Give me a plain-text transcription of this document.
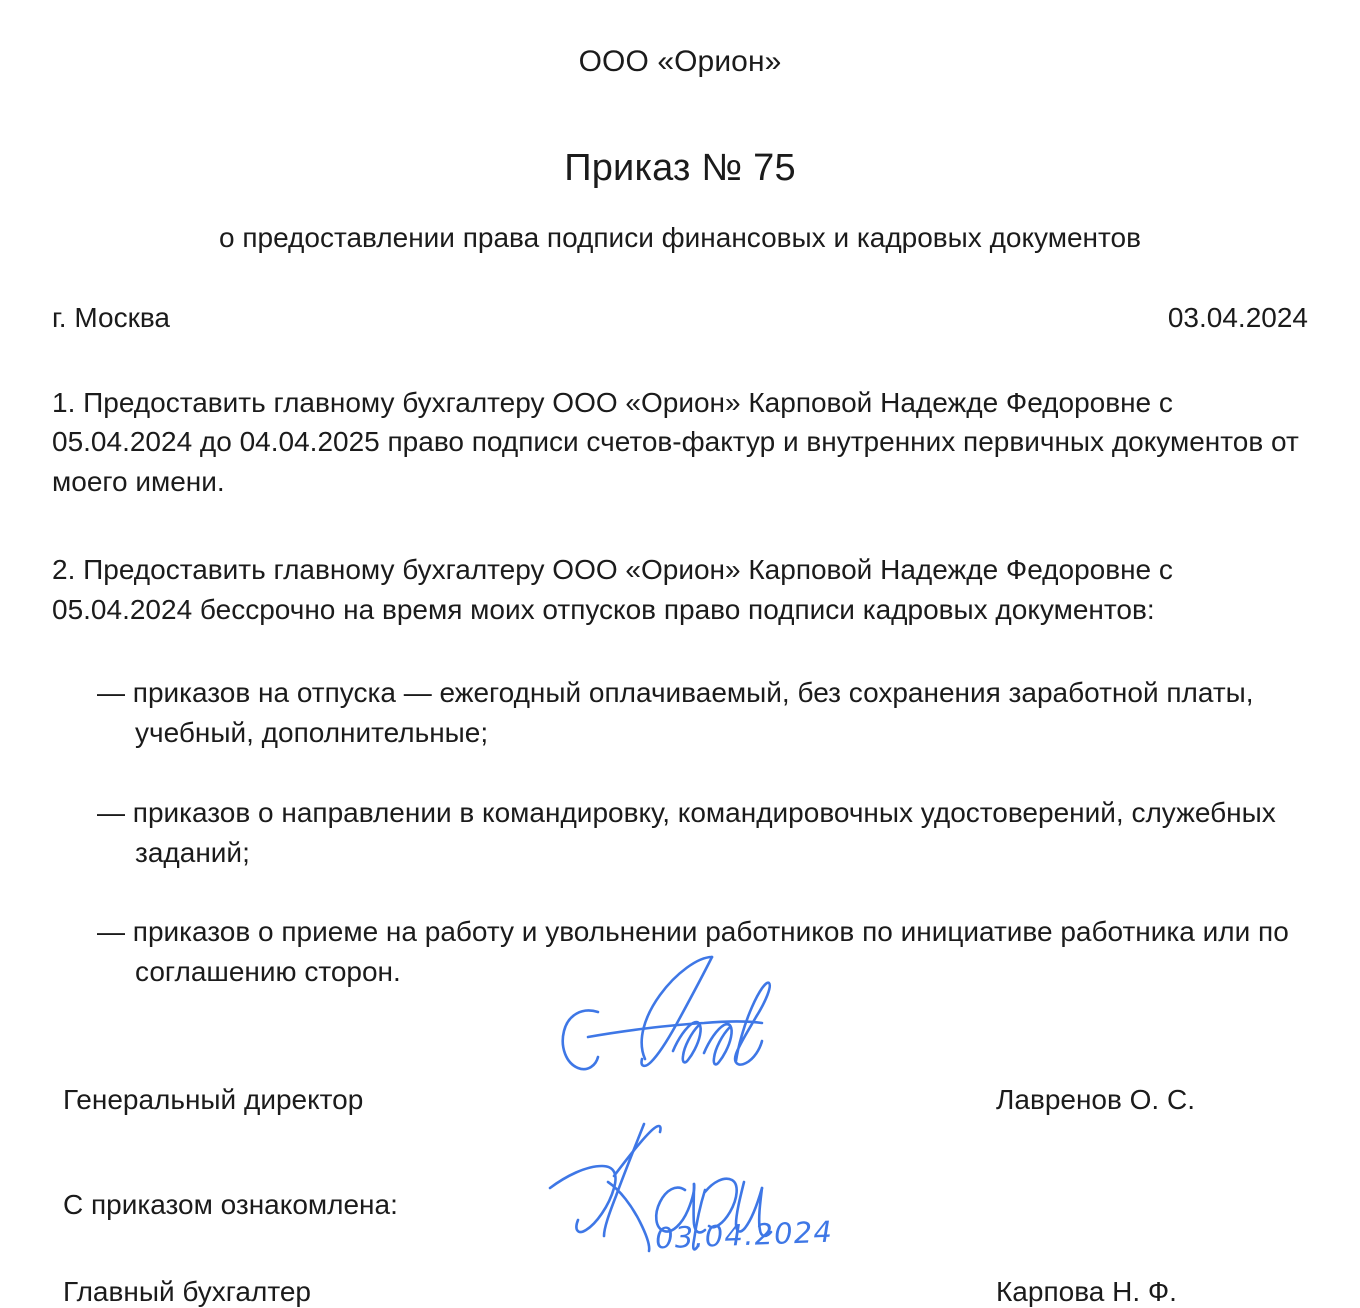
ООО «Орион»
Приказ № 75
о предоставлении права подписи финансовых и кадровых документов
г. Москва	03.04.2024
1. Предоставить главному бухгалтеру ООО «Орион» Карповой Надежде Федоровне с 05.04.2024 до 04.04.2025 право подписи счетов-фактур и внутренних первичных документов от моего имени.
2. Предоставить главному бухгалтеру ООО «Орион» Карповой Надежде Федоровне с 05.04.2024 бессрочно на время моих отпусков право подписи кадровых документов:
— приказов на отпуска — ежегодный оплачиваемый, без сохранения заработной платы, учебный, дополнительные;
— приказов о направлении в командировку, командировочных удостоверений, служебных заданий;
— приказов о приеме на работу и увольнении работников по инициативе работника или по соглашению сторон.
Генеральный директор	Лавренов О. С.
С приказом ознакомлена:
Главный бухгалтер	Карпова Н. Ф.
03.04.2024
